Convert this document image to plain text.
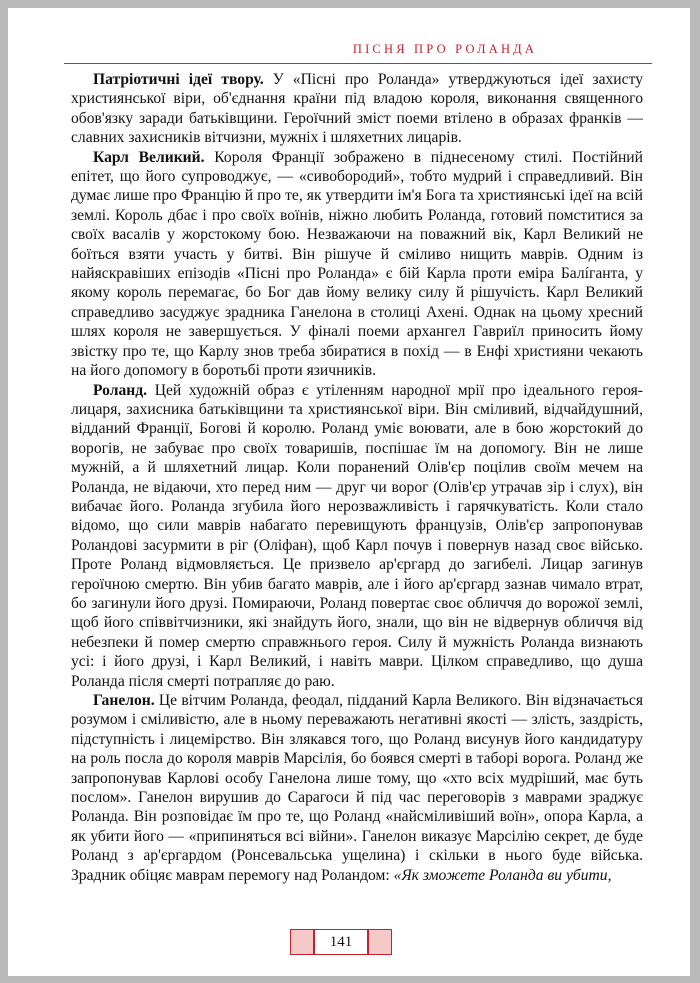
ПІСНЯ ПРО РОЛАНДА

Патріотичні ідеї твору. У «Пісні про Роланда» утверджуються ідеї захисту християнської віри, об'єднання країни під владою короля, виконання священного обов'язку заради батьківщини. Героїчний зміст поеми втілено в образах франків — славних захисників вітчизни, мужніх і шляхетних лицарів.

Карл Великий. Короля Франції зображено в піднесеному стилі. Постійний епітет, що його супроводжує, — «сивобородий», тобто мудрий і справедливий. Він думає лише про Францію й про те, як утвердити ім'я Бога та християнські ідеї на всій землі. Король дбає і про своїх воїнів, ніжно любить Роланда, готовий помститися за своїх васалів у жорстокому бою. Незважаючи на поважний вік, Карл Великий не боїться взяти участь у битві. Він рішуче й сміливо нищить маврів. Одним із найяскравіших епізодів «Пісні про Роланда» є бій Карла проти еміра Балíганта, у якому король перемагає, бо Бог дав йому велику силу й рішучість. Карл Великий справедливо засуджує зрадника Ганелона в столиці Ахені. Однак на цьому хресний шлях короля не завершується. У фіналі поеми архангел Гавриїл приносить йому звістку про те, що Карлу знов треба збиратися в похід — в Енфі християни чекають на його допомогу в боротьбі проти язичників.

Роланд. Цей художній образ є утіленням народної мрії про ідеального героя-лицаря, захисника батьківщини та християнської віри. Він сміливий, відчайдушний, відданий Франції, Богові й королю. Роланд уміє воювати, але в бою жорстокий до ворогів, не забуває про своїх товаришів, поспішає їм на допомогу. Він не лише мужній, а й шляхетний лицар. Коли поранений Олів'єр поцілив своїм мечем на Роланда, не відаючи, хто перед ним — друг чи ворог (Олів'єр утрачав зір і слух), він вибачає його. Роланда згубила його нерозважливість і гарячкуватість. Коли стало відомо, що сили маврів набагато перевищують французів, Олів'єр запропонував Роландові засурмити в ріг (Оліфан), щоб Карл почув і повернув назад своє військо. Проте Роланд відмовляється. Це призвело ар'єргард до загибелі. Лицар загинув героїчною смертю. Він убив багато маврів, але і його ар'єргард зазнав чимало втрат, бо загинули його друзі. Помираючи, Роланд повертає своє обличчя до ворожої землі, щоб його співвітчизники, які знайдуть його, знали, що він не відвернув обличчя від небезпеки й помер смертю справжнього героя. Силу й мужність Роланда визнають усі: і його друзі, і Карл Великий, і навіть маври. Цілком справедливо, що душа Роланда після смерті потрапляє до раю.

Ганелон. Це вітчим Роланда, феодал, підданий Карла Великого. Він відзначається розумом і сміливістю, але в ньому переважають негативні якості — злість, заздрість, підступність і лицемірство. Він злякався того, що Роланд висунув його кандидатуру на роль посла до короля маврів Марсілія, бо боявся смерті в таборі ворога. Роланд же запропонував Карлові особу Ганелона лише тому, що «хто всіх мудріший, має буть послом». Ганелон вирушив до Сарагоси й під час переговорів з маврами зраджує Роланда. Він розповідає їм про те, що Роланд «найсміливіший воїн», опора Карла, а як убити його — «припиняться всі війни». Ганелон виказує Марсілію секрет, де буде Роланд з ар'єргардом (Ронсевальська ущелина) і скільки в нього буде війська. Зрадник обіцяє маврам перемогу над Роландом: «Як зможете Роланда ви убити,

141
